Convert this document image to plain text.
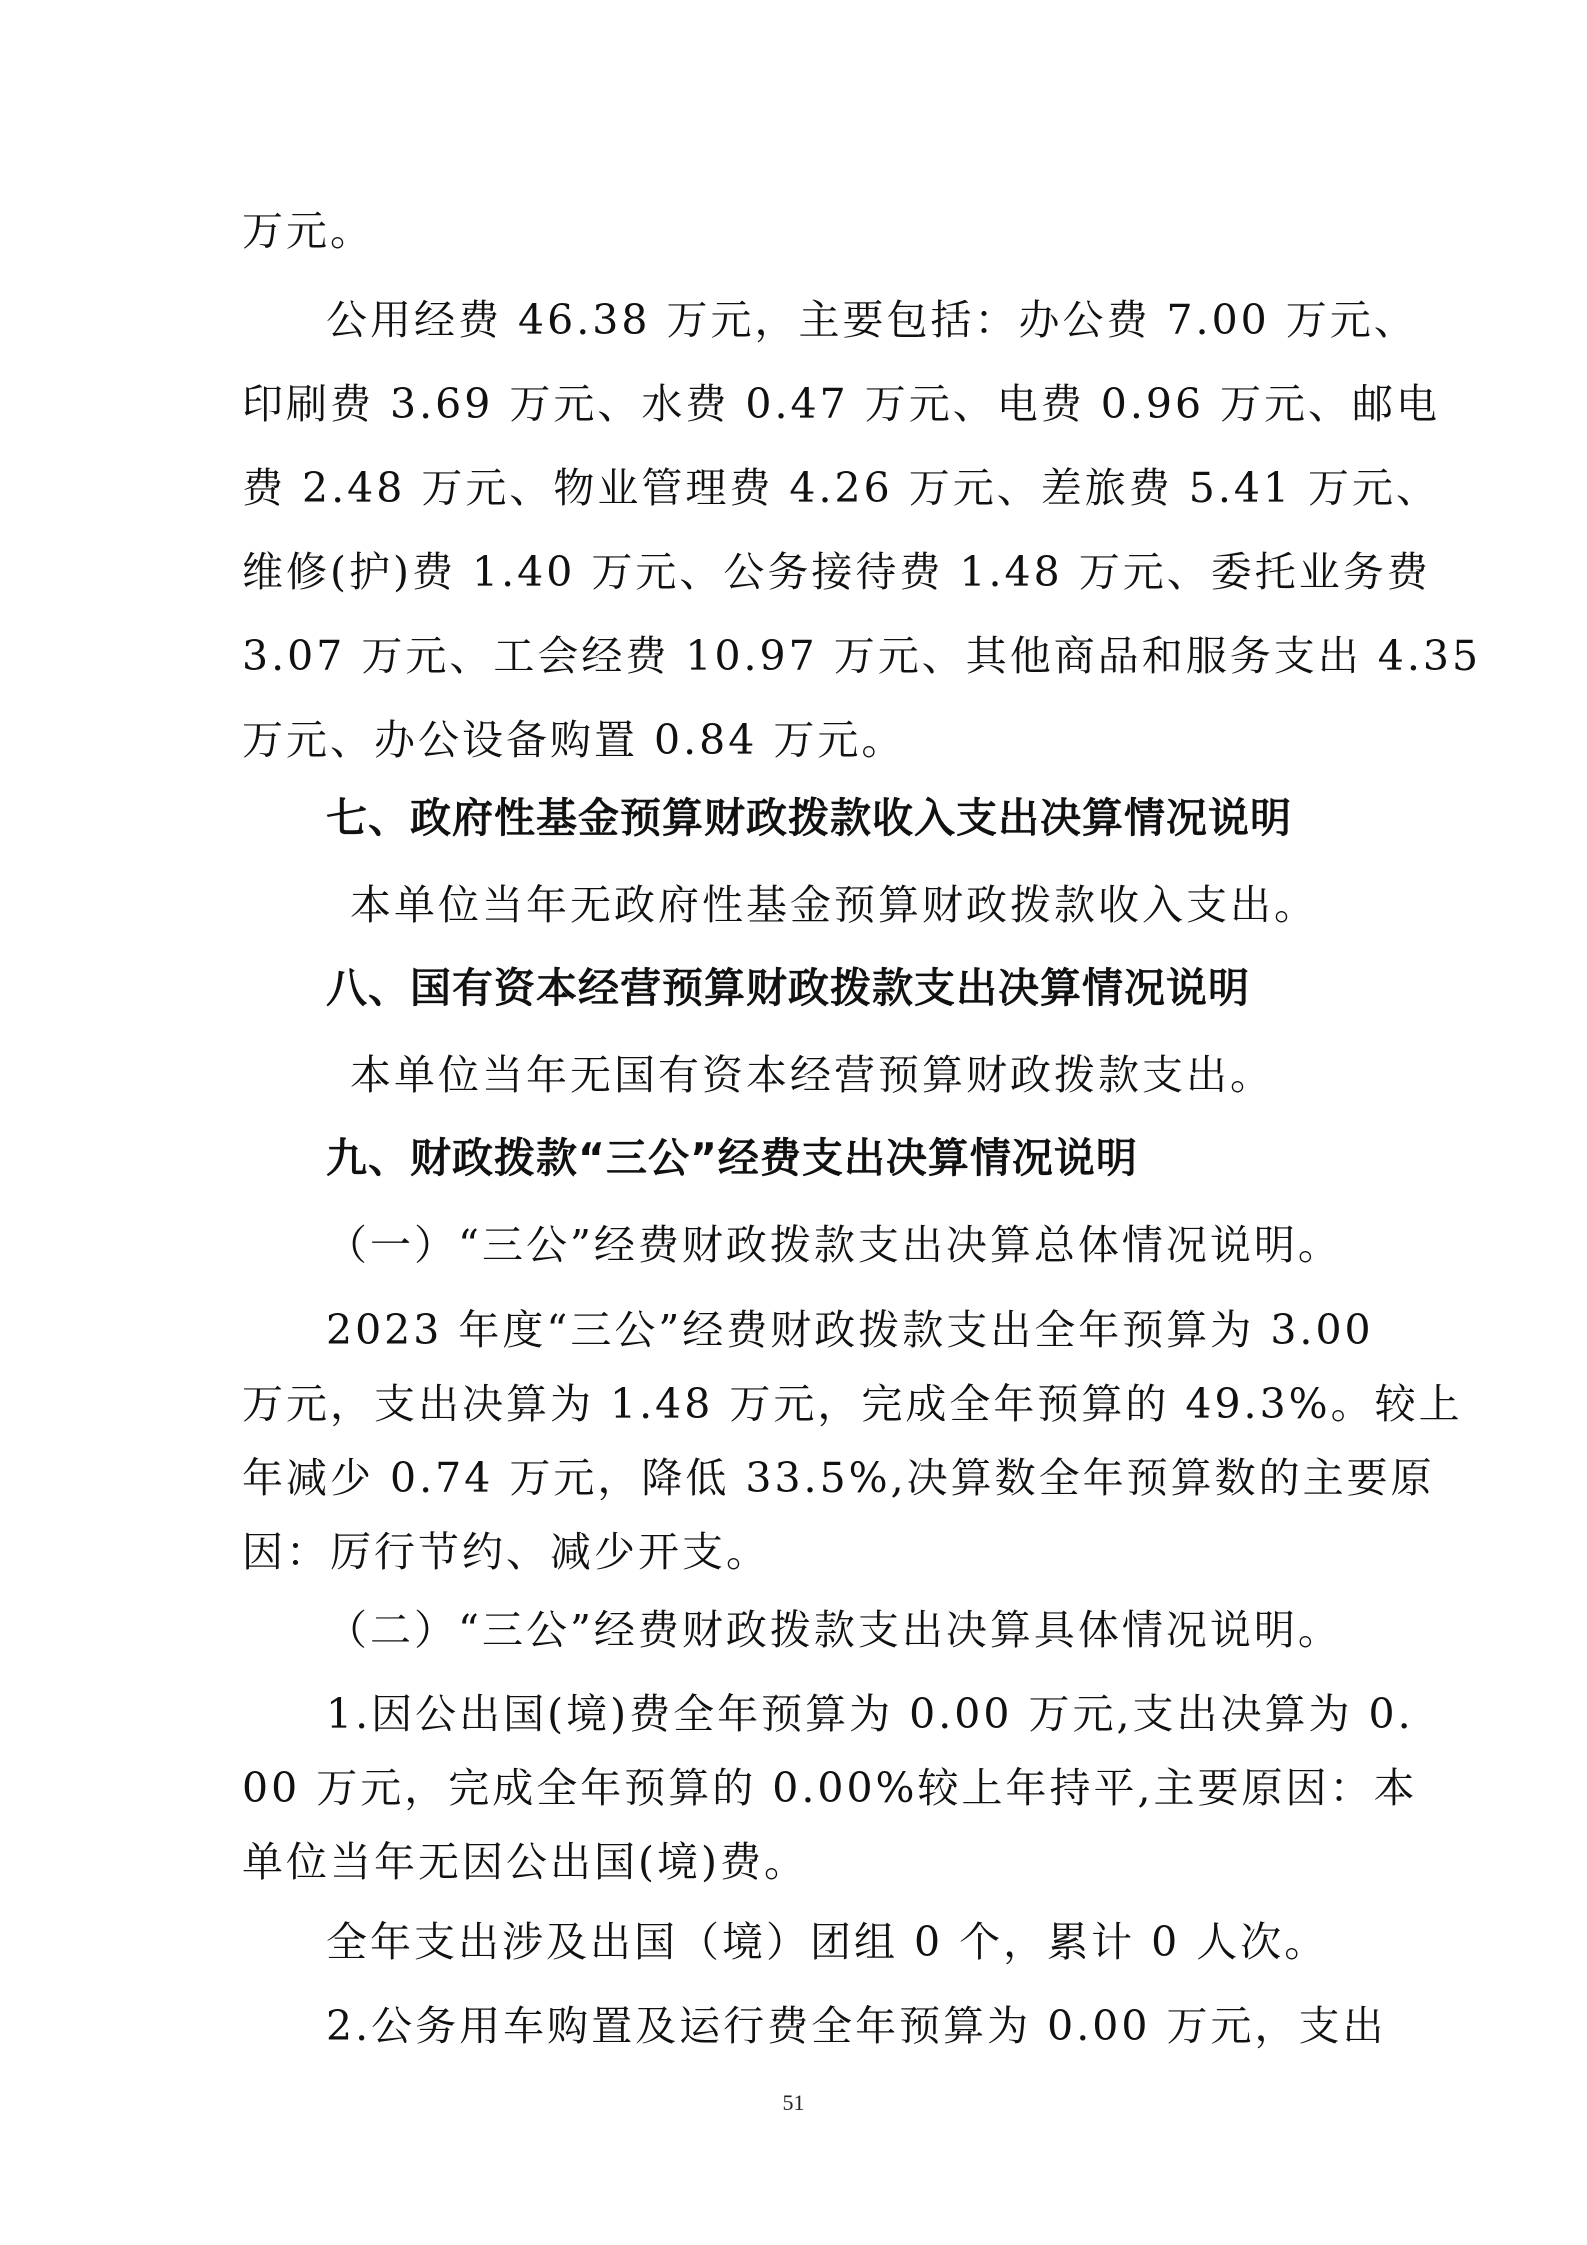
万元。
公用经费 46.38 万元，主要包括：办公费 7.00 万元、
印刷费 3.69 万元、水费 0.47 万元、电费 0.96 万元、邮电
费 2.48 万元、物业管理费 4.26 万元、差旅费 5.41 万元、
维修(护)费 1.40 万元、公务接待费 1.48 万元、委托业务费
3.07 万元、工会经费 10.97 万元、其他商品和服务支出 4.35
万元、办公设备购置 0.84 万元。
七、政府性基金预算财政拨款收入支出决算情况说明
本单位当年无政府性基金预算财政拨款收入支出。
八、国有资本经营预算财政拨款支出决算情况说明
本单位当年无国有资本经营预算财政拨款支出。
九、财政拨款“三公”经费支出决算情况说明
（一）“三公”经费财政拨款支出决算总体情况说明。
2023 年度“三公”经费财政拨款支出全年预算为 3.00
万元，支出决算为 1.48 万元，完成全年预算的 49.3%。较上
年减少 0.74 万元，降低 33.5%,决算数全年预算数的主要原
因：厉行节约、减少开支。
（二）“三公”经费财政拨款支出决算具体情况说明。
1.因公出国(境)费全年预算为 0.00 万元,支出决算为 0.
00 万元，完成全年预算的 0.00%较上年持平,主要原因：本
单位当年无因公出国(境)费。
全年支出涉及出国（境）团组 0 个，累计 0 人次。
2.公务用车购置及运行费全年预算为 0.00 万元，支出
51
